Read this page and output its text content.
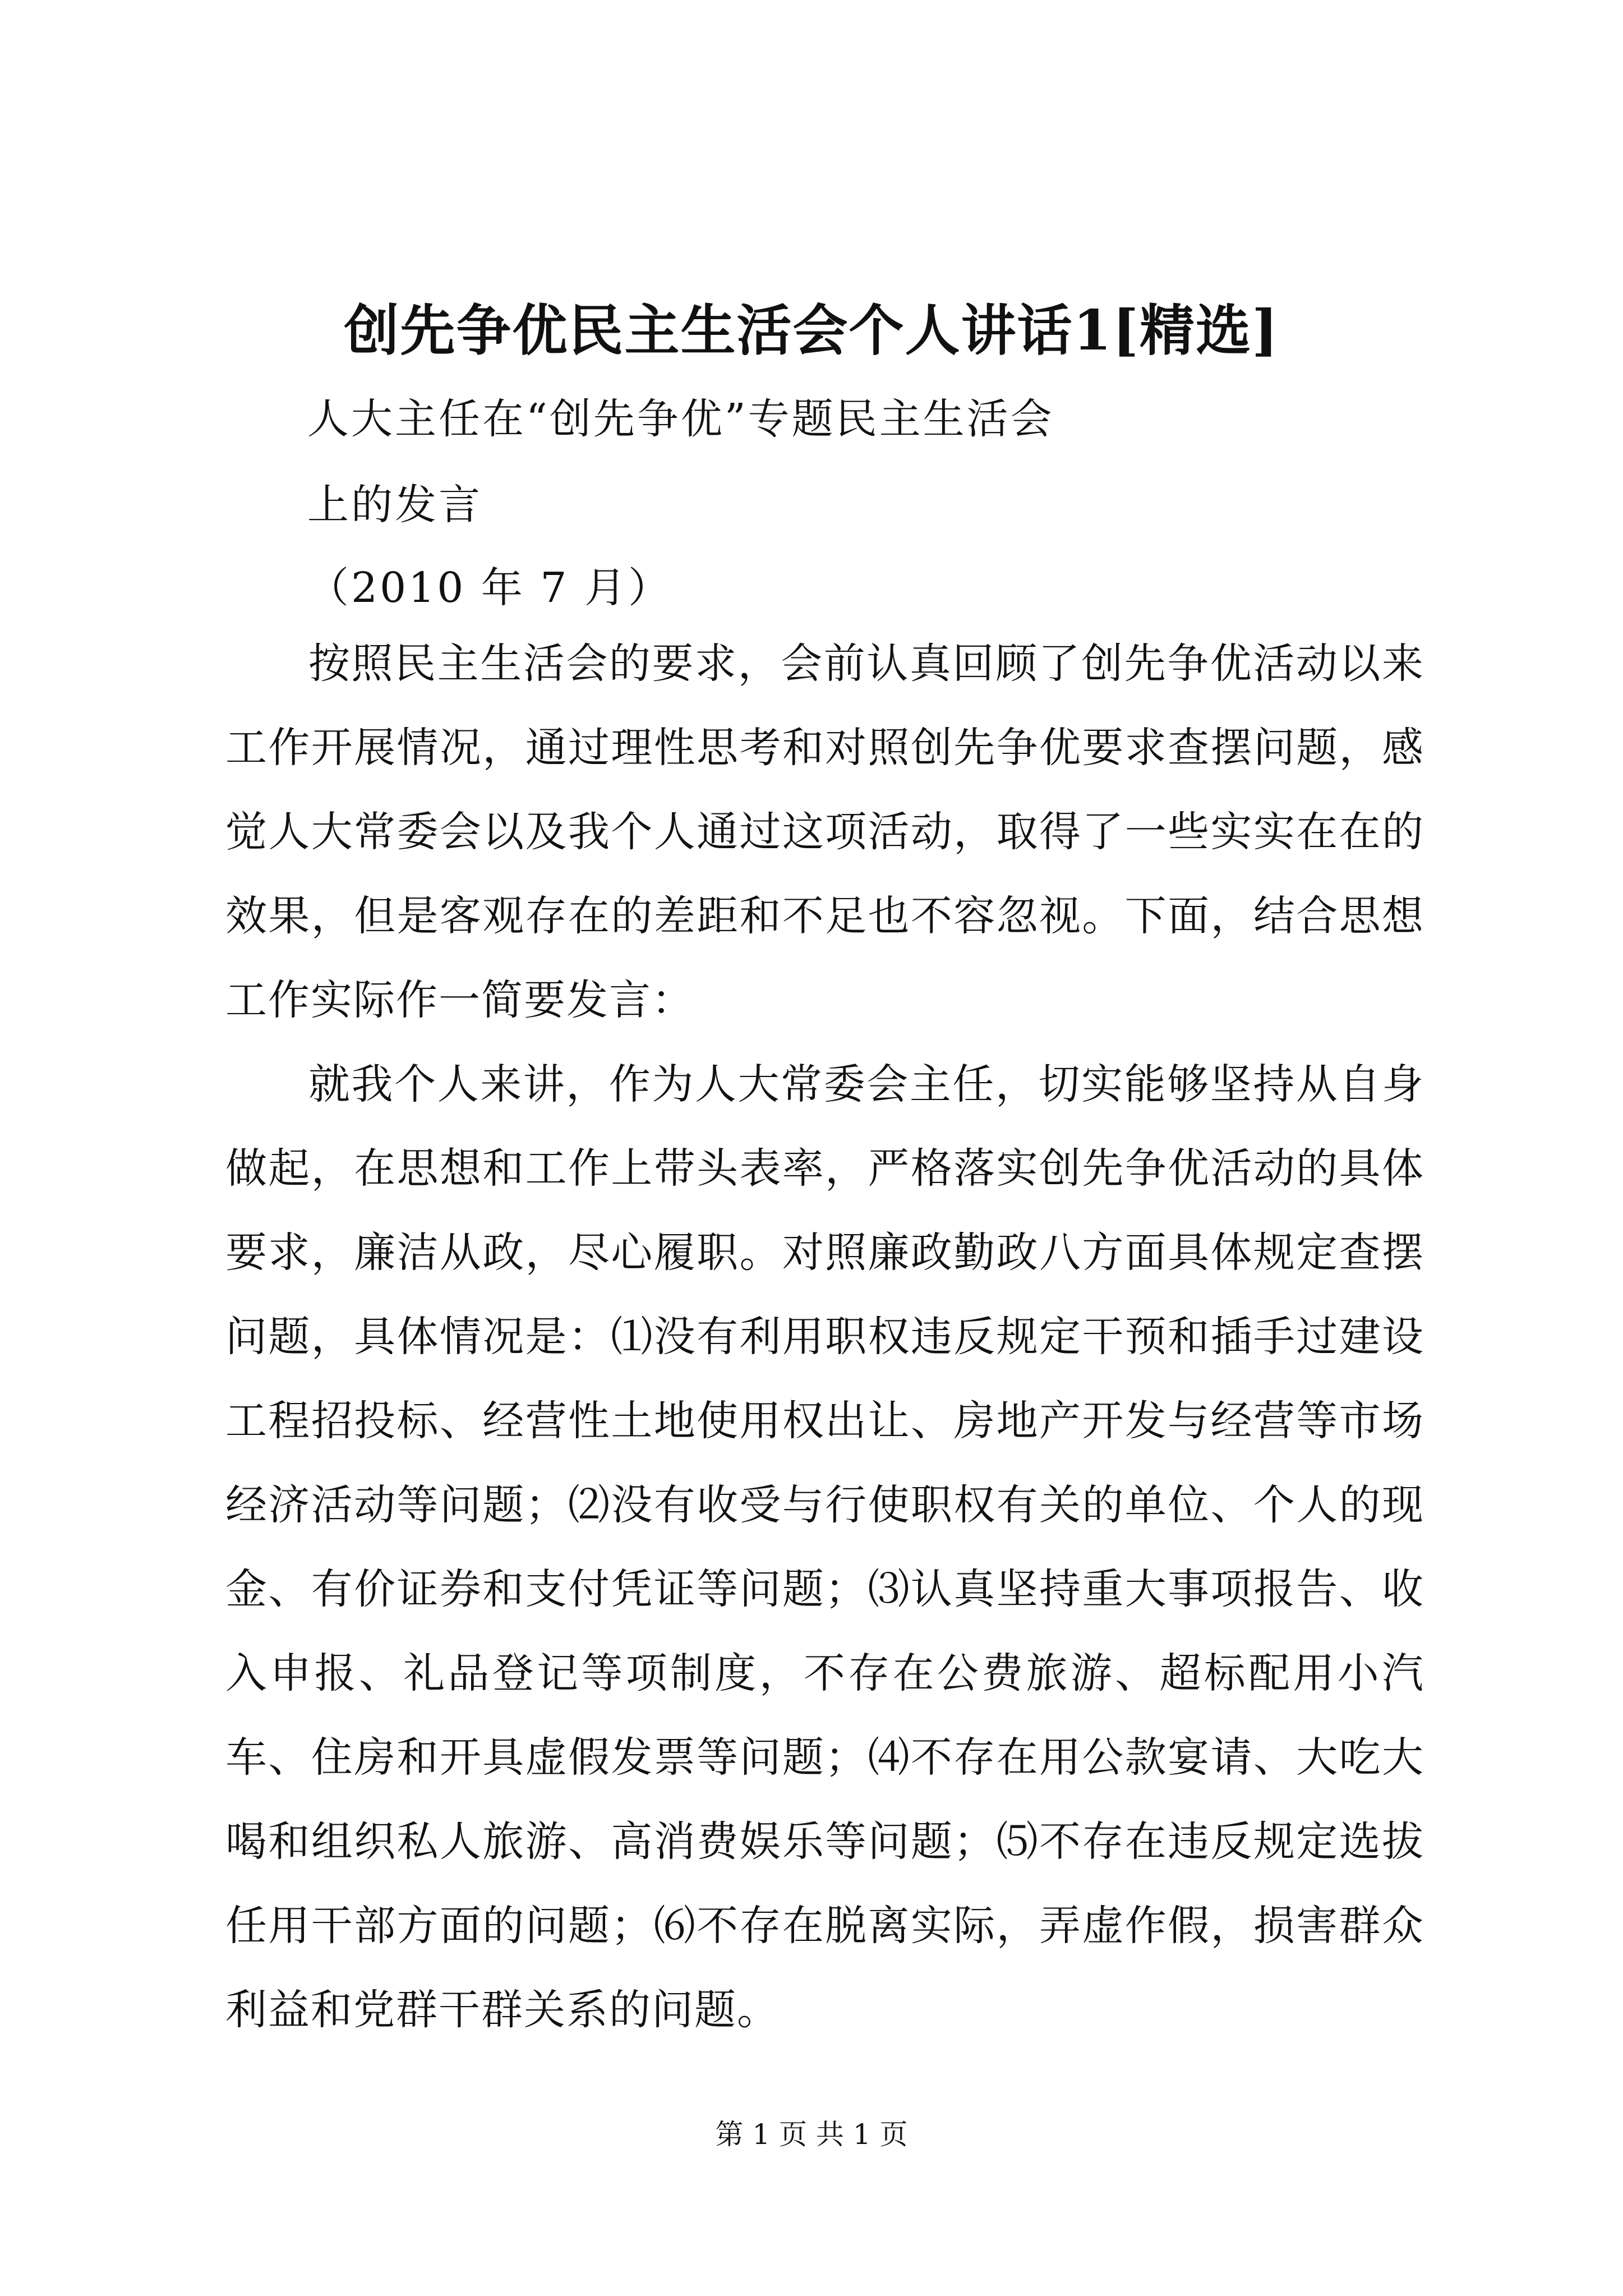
创先争优民主生活会个人讲话1[精选]
人大主任在“创先争优”专题民主生活会
上的发言
（2010 年 7 月）

按照民主生活会的要求，会前认真回顾了创先争优活动以来工作开展情况，通过理性思考和对照创先争优要求查摆问题，感觉人大常委会以及我个人通过这项活动，取得了一些实实在在的效果，但是客观存在的差距和不足也不容忽视。下面，结合思想工作实际作一简要发言：

就我个人来讲，作为人大常委会主任，切实能够坚持从自身做起，在思想和工作上带头表率，严格落实创先争优活动的具体要求，廉洁从政，尽心履职。对照廉政勤政八方面具体规定查摆问题，具体情况是：⑴没有利用职权违反规定干预和插手过建设工程招投标、经营性土地使用权出让、房地产开发与经营等市场经济活动等问题；⑵没有收受与行使职权有关的单位、个人的现金、有价证券和支付凭证等问题；⑶认真坚持重大事项报告、收入申报、礼品登记等项制度，不存在公费旅游、超标配用小汽车、住房和开具虚假发票等问题；⑷不存在用公款宴请、大吃大喝和组织私人旅游、高消费娱乐等问题；⑸不存在违反规定选拔任用干部方面的问题；⑹不存在脱离实际，弄虚作假，损害群众利益和党群干群关系的问题。

第 1 页 共 1 页
